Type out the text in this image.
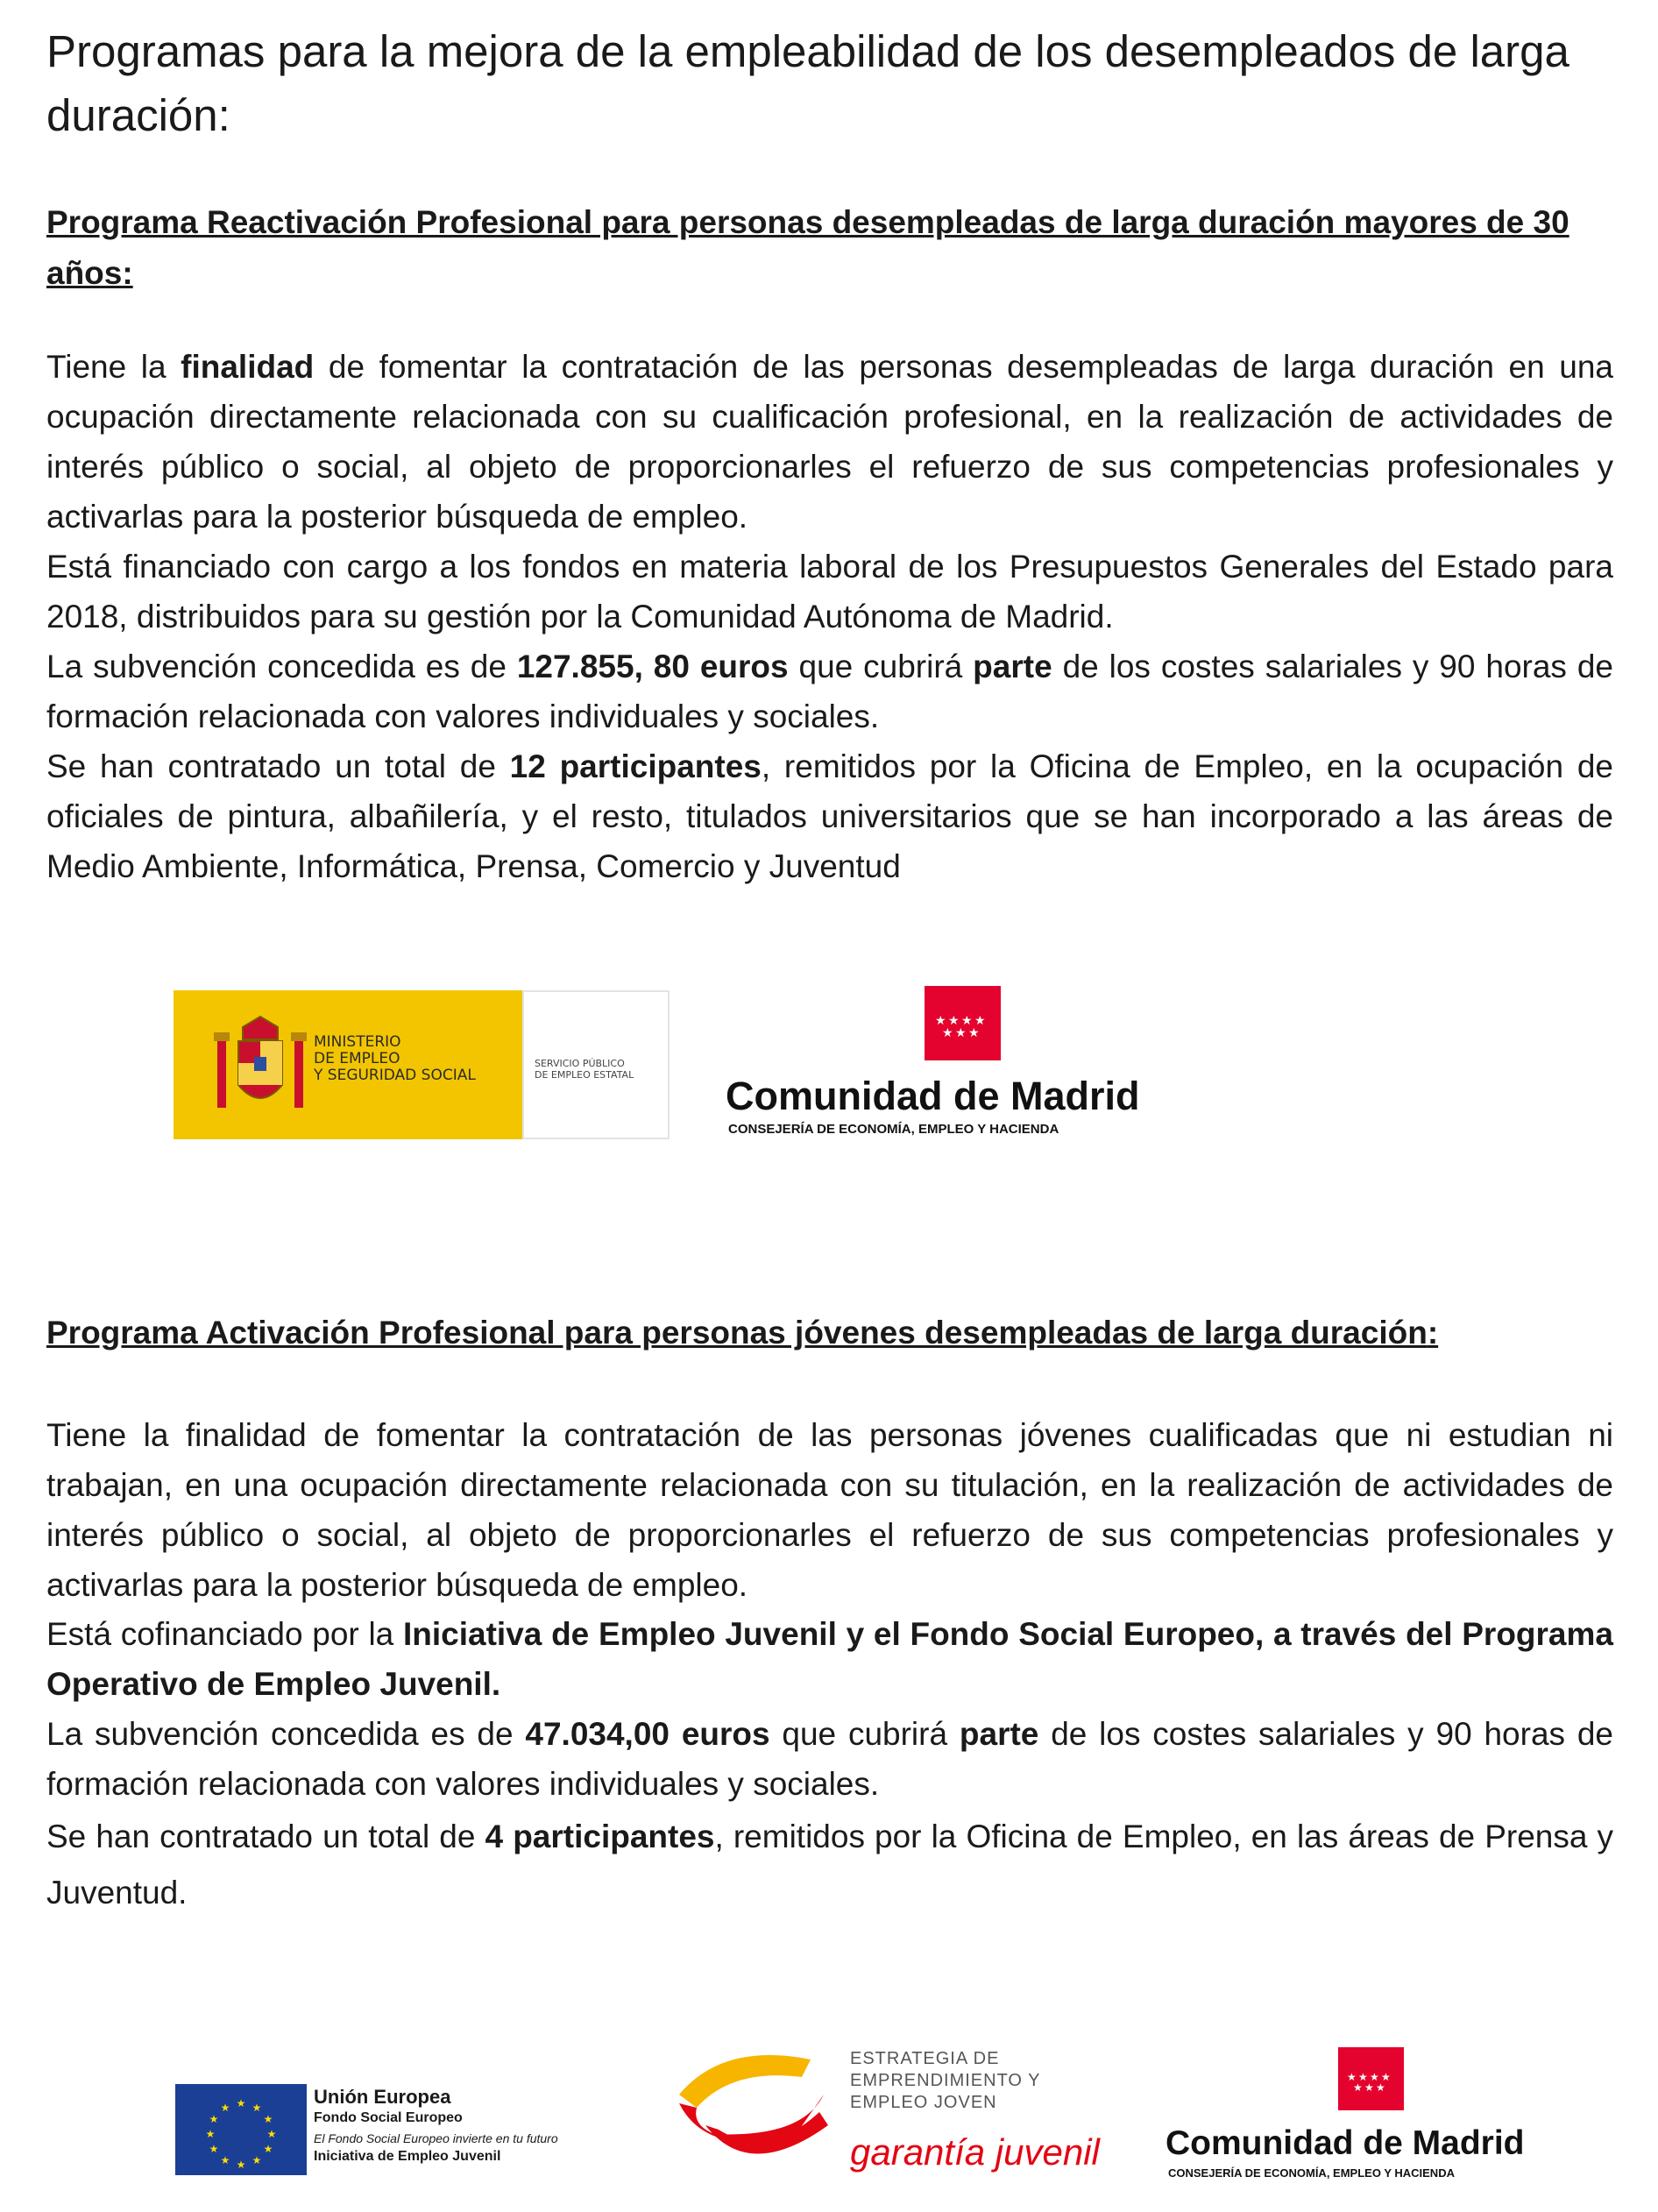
Programas para la mejora de la empleabilidad de los desempleados de larga duración:
Programa Reactivación Profesional para personas desempleadas de larga duración mayores de 30 años:

Tiene la finalidad de fomentar la contratación de las personas desempleadas de larga duración en una ocupación directamente relacionada con su cualificación profesional, en la realización de actividades de interés público o social, al objeto de proporcionarles el refuerzo de sus competencias profesionales y activarlas para la posterior búsqueda de empleo.

Está financiado con cargo a los fondos en materia laboral de los Presupuestos Generales del Estado para 2018, distribuidos para su gestión por la Comunidad Autónoma de Madrid.

La subvención concedida es de 127.855, 80 euros que cubrirá parte de los costes salariales y 90 horas de formación relacionada con valores individuales y sociales.

Se han contratado un total de 12 participantes, remitidos por la Oficina de Empleo, en la ocupación de oficiales de pintura, albañilería, y el resto, titulados universitarios que se han incorporado a las áreas de Medio Ambiente, Informática, Prensa, Comercio y Juventud

MINISTERIO
DE EMPLEO
Y SEGURIDAD SOCIAL
SERVICIO PÚBLICO
DE EMPLEO ESTATAL
★ ★ ★ ★
★ ★ ★
Comunidad de Madrid
CONSEJERÍA DE ECONOMÍA, EMPLEO Y HACIENDA
Programa Activación Profesional para personas jóvenes desempleadas de larga duración:

Tiene la finalidad de fomentar la contratación de las personas jóvenes cualificadas que ni estudian ni trabajan, en una ocupación directamente relacionada con su titulación, en la realización de actividades de interés público o social, al objeto de proporcionarles el refuerzo de sus competencias profesionales y activarlas para la posterior búsqueda de empleo.

Está cofinanciado por la Iniciativa de Empleo Juvenil y el Fondo Social Europeo, a través del Programa Operativo de Empleo Juvenil.

La subvención concedida es de 47.034,00 euros que cubrirá parte de los costes salariales y 90 horas de formación relacionada con valores individuales y sociales.

Se han contratado un total de 4 participantes, remitidos por la Oficina de Empleo, en las áreas de Prensa y Juventud.

★ ★
★
★
★
★
★
★
★
★
★
★	Unión Europea
Fondo Social Europeo
El Fondo Social Europeo invierte en tu futuro
Iniciativa de Empleo Juvenil
ESTRATEGIA DE
EMPRENDIMIENTO Y
EMPLEO JOVEN
garantía juvenil
★ ★ ★ ★
★ ★ ★
Comunidad de Madrid
CONSEJERÍA DE ECONOMÍA, EMPLEO Y HACIENDA
